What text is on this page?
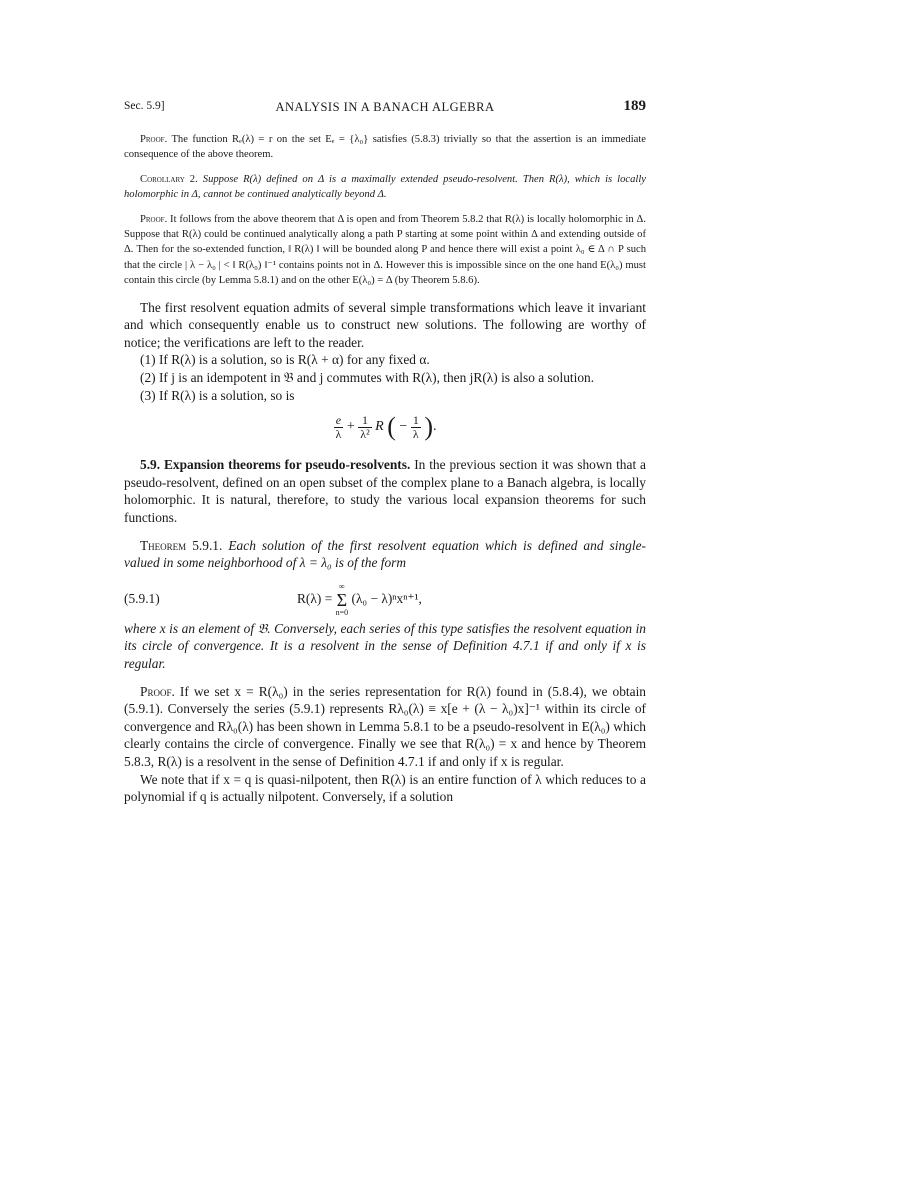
Sec. 5.9]	ANALYSIS IN A BANACH ALGEBRA	189

Proof. The function Rₑ(λ) = r on the set Eₑ = {λ₀} satisfies (5.8.3) trivially so that the assertion is an immediate consequence of the above theorem.

Corollary 2. Suppose R(λ) defined on Δ is a maximally extended pseudo-resolvent. Then R(λ), which is locally holomorphic in Δ, cannot be continued analytically beyond Δ.

Proof. It follows from the above theorem that Δ is open and from Theorem 5.8.2 that R(λ) is locally holomorphic in Δ. Suppose that R(λ) could be continued analytically along a path P starting at some point within Δ and extending outside of Δ. Then for the so-extended function, ‖ R(λ) ‖ will be bounded along P and hence there will exist a point λ₀ ∈ Δ ∩ P such that the circle | λ − λ₀ | < ‖ R(λ₀) ‖⁻¹ contains points not in Δ. However this is impossible since on the one hand E(λ₀) must contain this circle (by Lemma 5.8.1) and on the other E(λ₀) = Δ (by Theorem 5.8.6).

The first resolvent equation admits of several simple transformations which leave it invariant and which consequently enable us to construct new solutions. The following are worthy of notice; the verifications are left to the reader.

(1) If R(λ) is a solution, so is R(λ + α) for any fixed α.

(2) If j is an idempotent in 𝔅 and j commutes with R(λ), then jR(λ) is also a solution.

(3) If R(λ) is a solution, so is

$\frac{e}{\lambda} + \frac{1}{\text{λ²}}$ R ( − $\frac{1}{\lambda}$ ).

5.9. Expansion theorems for pseudo-resolvents. In the previous section it was shown that a pseudo-resolvent, defined on an open subset of the complex plane to a Banach algebra, is locally holomorphic. It is natural, therefore, to study the various local expansion theorems for such functions.

Theorem 5.9.1. Each solution of the first resolvent equation which is defined and single-valued in some neighborhood of λ = λ₀ is of the form

(5.9.1)	R(λ) = ∞
Σ
n=0 (λ₀ − λ)ⁿxⁿ⁺¹,

where x is an element of 𝔅. Conversely, each series of this type satisfies the resolvent equation in its circle of convergence. It is a resolvent in the sense of Definition 4.7.1 if and only if x is regular.

Proof. If we set x = R(λ₀) in the series representation for R(λ) found in (5.8.4), we obtain (5.9.1). Conversely the series (5.9.1) represents Rλ₀(λ) ≡ x[e + (λ − λ₀)x]⁻¹ within its circle of convergence and Rλ₀(λ) has been shown in Lemma 5.8.1 to be a pseudo-resolvent in E(λ₀) which clearly contains the circle of convergence. Finally we see that R(λ₀) = x and hence by Theorem 5.8.3, R(λ) is a resolvent in the sense of Definition 4.7.1 if and only if x is regular.

We note that if x = q is quasi-nilpotent, then R(λ) is an entire function of λ which reduces to a polynomial if q is actually nilpotent. Conversely, if a solution
